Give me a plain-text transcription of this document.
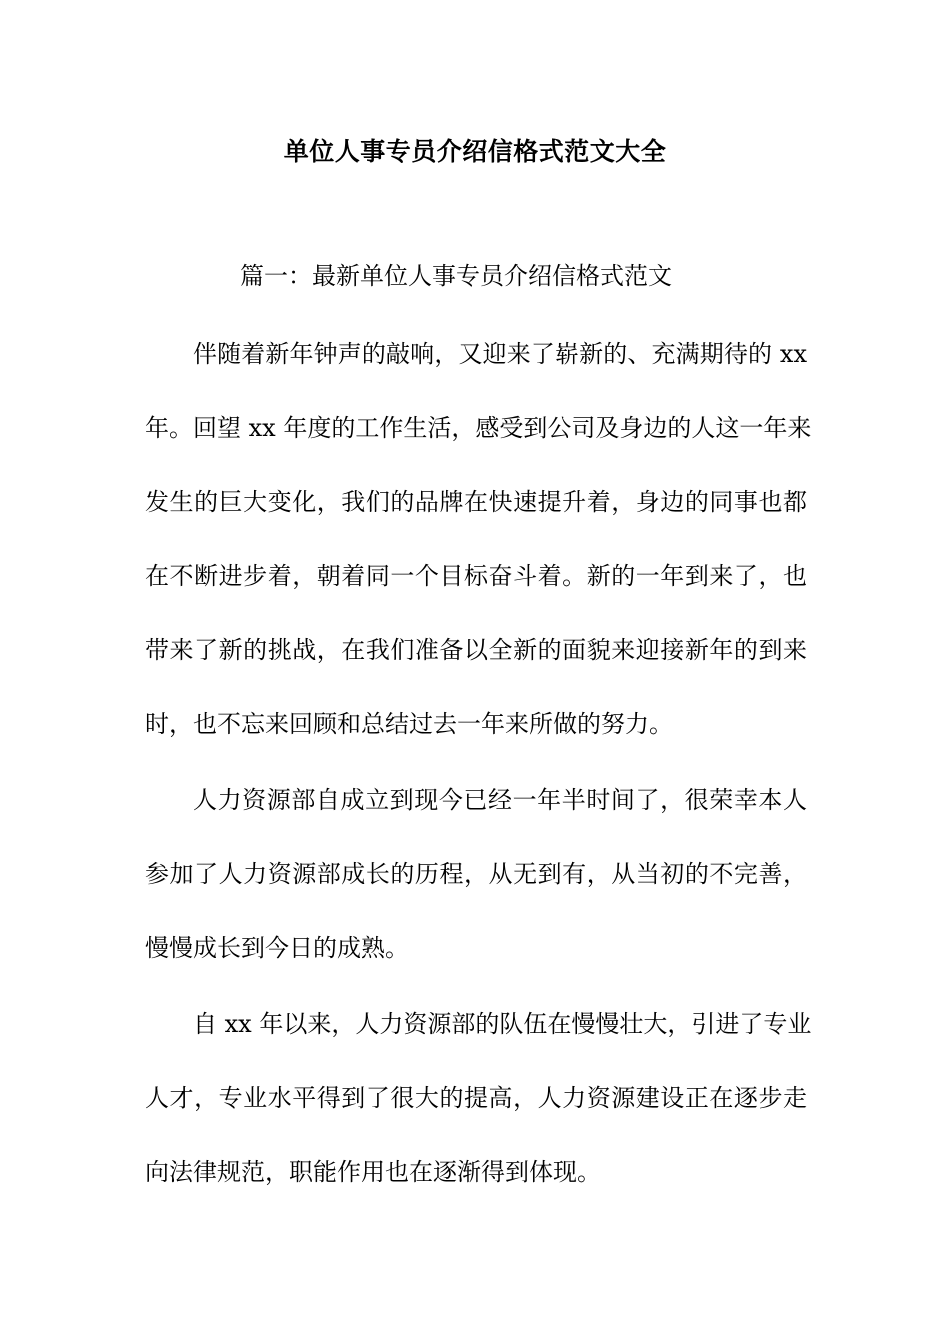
单位人事专员介绍信格式范文大全
篇一：最新单位人事专员介绍信格式范文
伴随着新年钟声的敲响，又迎来了崭新的、充满期待的 xx
年。回望 xx 年度的工作生活，感受到公司及身边的人这一年来
发生的巨大变化，我们的品牌在快速提升着，身边的同事也都
在不断进步着，朝着同一个目标奋斗着。新的一年到来了，也
带来了新的挑战，在我们准备以全新的面貌来迎接新年的到来
时，也不忘来回顾和总结过去一年来所做的努力。
人力资源部自成立到现今已经一年半时间了，很荣幸本人
参加了人力资源部成长的历程，从无到有，从当初的不完善，
慢慢成长到今日的成熟。
自 xx 年以来，人力资源部的队伍在慢慢壮大，引进了专业
人才，专业水平得到了很大的提高，人力资源建设正在逐步走
向法律规范，职能作用也在逐渐得到体现。
